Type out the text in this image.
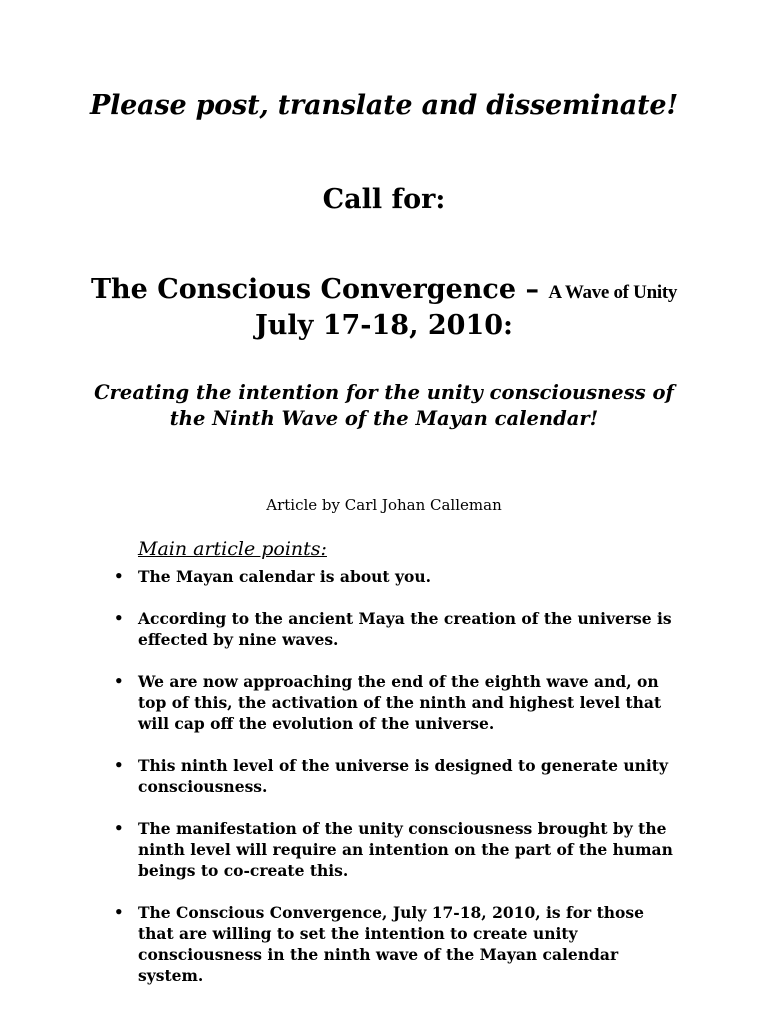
Please post, translate and disseminate!
Call for:
The Conscious Convergence – A Wave of Unity
July 17-18, 2010:
Creating the intention for the unity consciousness of the Ninth Wave of the Mayan calendar!
Article by Carl Johan Calleman
Main article points:
• The Mayan calendar is about you.
• According to the ancient Maya the creation of the universe is effected by nine waves.
• We are now approaching the end of the eighth wave and, on top of this, the activation of the ninth and highest level that will cap off the evolution of the universe.
• This ninth level of the universe is designed to generate unity consciousness.
• The manifestation of the unity consciousness brought by the ninth level will require an intention on the part of the human beings to co-create this.
• The Conscious Convergence, July 17-18, 2010, is for those that are willing to set the intention to create unity consciousness in the ninth wave of the Mayan calendar system.
